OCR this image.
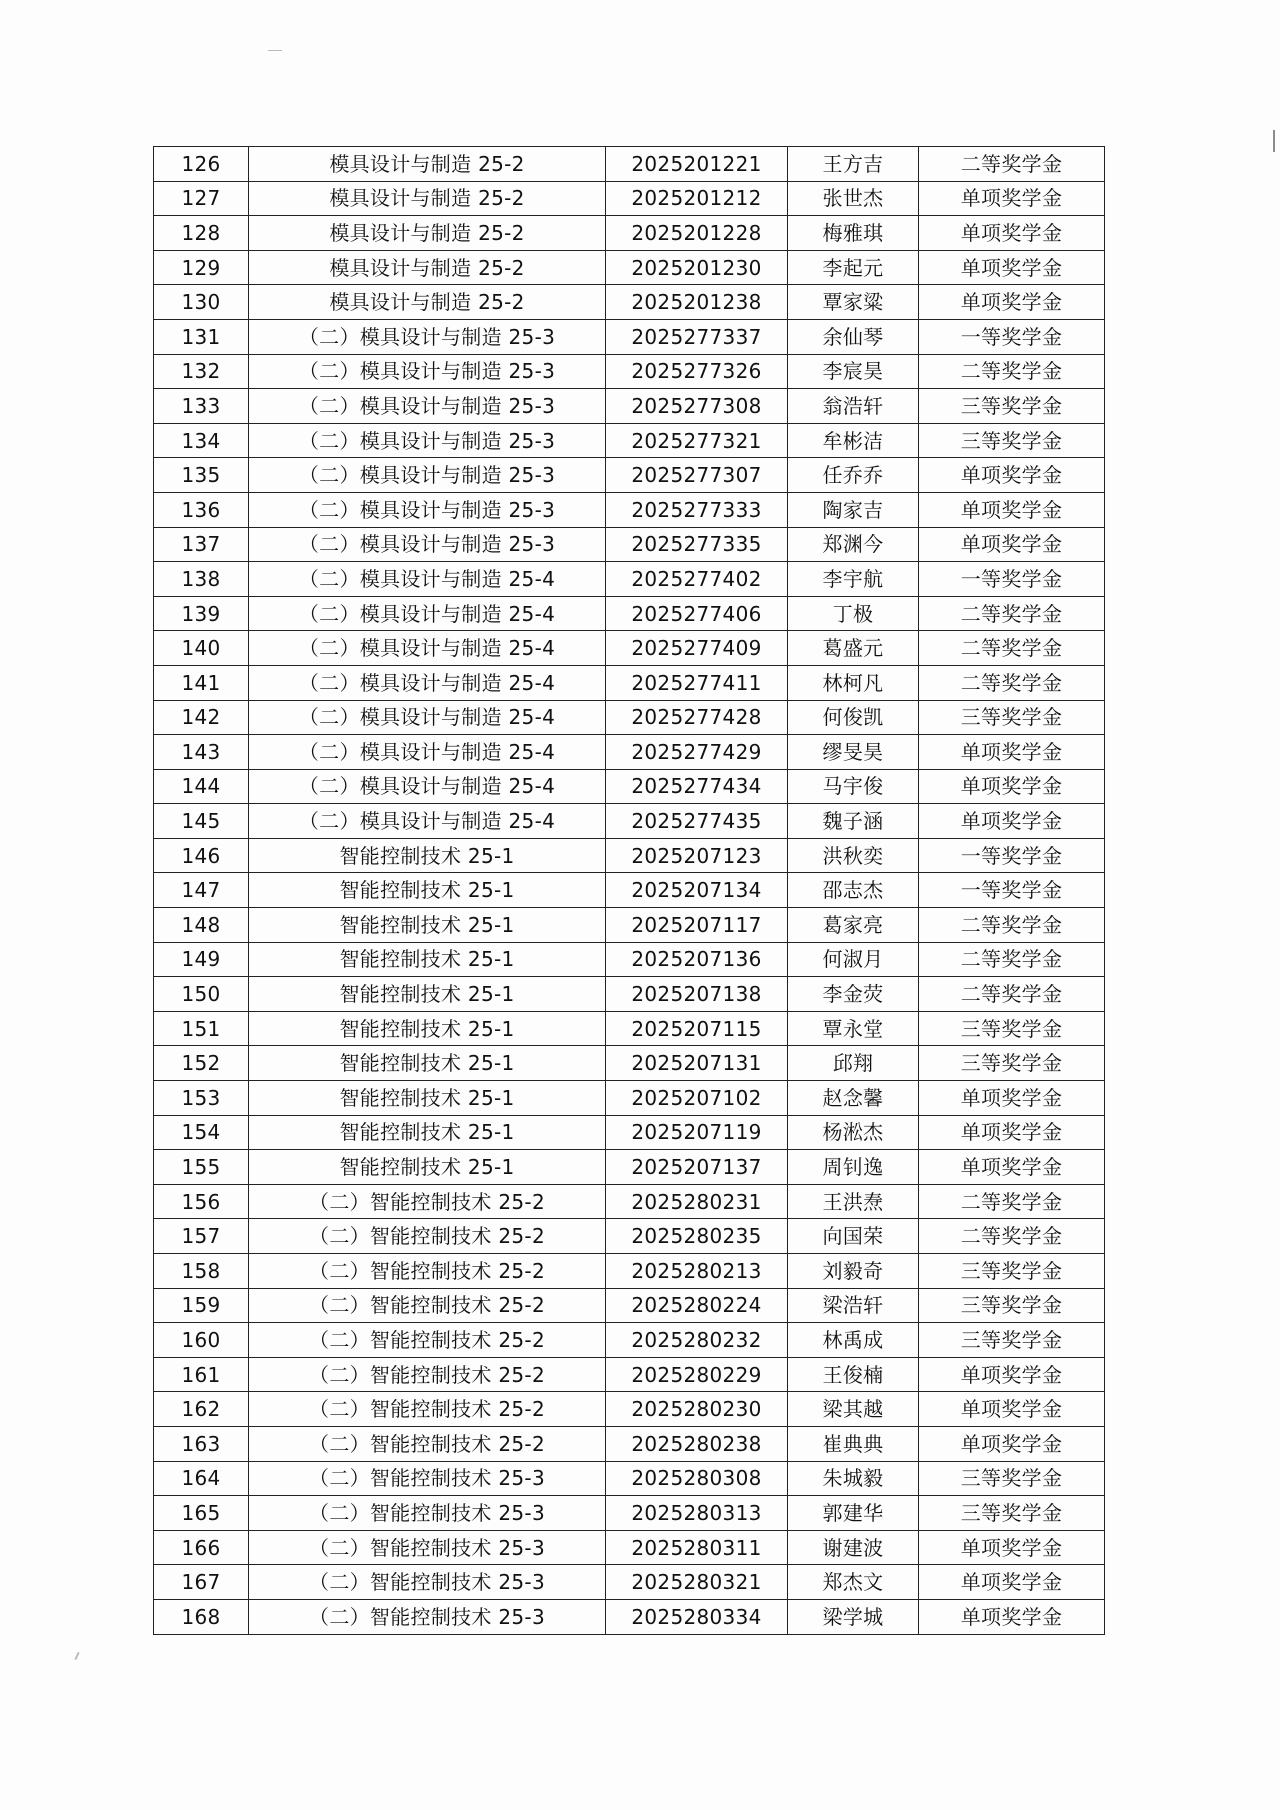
126	模具设计与制造 25-2	2025201221	王方吉	二等奖学金
127	模具设计与制造 25-2	2025201212	张世杰	单项奖学金
128	模具设计与制造 25-2	2025201228	梅雅琪	单项奖学金
129	模具设计与制造 25-2	2025201230	李起元	单项奖学金
130	模具设计与制造 25-2	2025201238	覃家粱	单项奖学金
131	（二）模具设计与制造 25-3	2025277337	余仙琴	一等奖学金
132	（二）模具设计与制造 25-3	2025277326	李宸昊	二等奖学金
133	（二）模具设计与制造 25-3	2025277308	翁浩轩	三等奖学金
134	（二）模具设计与制造 25-3	2025277321	牟彬洁	三等奖学金
135	（二）模具设计与制造 25-3	2025277307	任乔乔	单项奖学金
136	（二）模具设计与制造 25-3	2025277333	陶家吉	单项奖学金
137	（二）模具设计与制造 25-3	2025277335	郑渊今	单项奖学金
138	（二）模具设计与制造 25-4	2025277402	李宇航	一等奖学金
139	（二）模具设计与制造 25-4	2025277406	丁极	二等奖学金
140	（二）模具设计与制造 25-4	2025277409	葛盛元	二等奖学金
141	（二）模具设计与制造 25-4	2025277411	林柯凡	二等奖学金
142	（二）模具设计与制造 25-4	2025277428	何俊凯	三等奖学金
143	（二）模具设计与制造 25-4	2025277429	缪旻昊	单项奖学金
144	（二）模具设计与制造 25-4	2025277434	马宇俊	单项奖学金
145	（二）模具设计与制造 25-4	2025277435	魏子涵	单项奖学金
146	智能控制技术 25-1	2025207123	洪秋奕	一等奖学金
147	智能控制技术 25-1	2025207134	邵志杰	一等奖学金
148	智能控制技术 25-1	2025207117	葛家亮	二等奖学金
149	智能控制技术 25-1	2025207136	何淑月	二等奖学金
150	智能控制技术 25-1	2025207138	李金荧	二等奖学金
151	智能控制技术 25-1	2025207115	覃永堂	三等奖学金
152	智能控制技术 25-1	2025207131	邱翔	三等奖学金
153	智能控制技术 25-1	2025207102	赵念馨	单项奖学金
154	智能控制技术 25-1	2025207119	杨淞杰	单项奖学金
155	智能控制技术 25-1	2025207137	周钊逸	单项奖学金
156	（二）智能控制技术 25-2	2025280231	王洪焘	二等奖学金
157	（二）智能控制技术 25-2	2025280235	向国荣	二等奖学金
158	（二）智能控制技术 25-2	2025280213	刘毅奇	三等奖学金
159	（二）智能控制技术 25-2	2025280224	梁浩轩	三等奖学金
160	（二）智能控制技术 25-2	2025280232	林禹成	三等奖学金
161	（二）智能控制技术 25-2	2025280229	王俊楠	单项奖学金
162	（二）智能控制技术 25-2	2025280230	梁其越	单项奖学金
163	（二）智能控制技术 25-2	2025280238	崔典典	单项奖学金
164	（二）智能控制技术 25-3	2025280308	朱城毅	三等奖学金
165	（二）智能控制技术 25-3	2025280313	郭建华	三等奖学金
166	（二）智能控制技术 25-3	2025280311	谢建波	单项奖学金
167	（二）智能控制技术 25-3	2025280321	郑杰文	单项奖学金
168	（二）智能控制技术 25-3	2025280334	梁学城	单项奖学金
